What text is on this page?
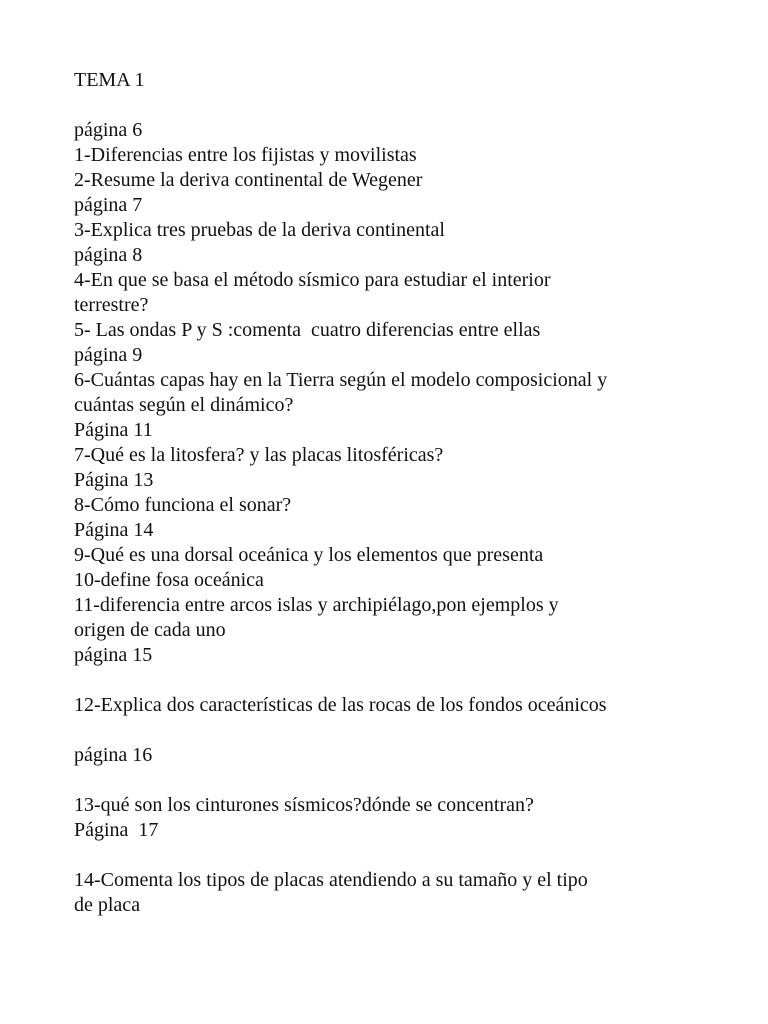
TEMA 1
página 6
1-Diferencias entre los fijistas y movilistas
2-Resume la deriva continental de Wegener
página 7
3-Explica tres pruebas de la deriva continental
página 8
4-En que se basa el método sísmico para estudiar el interior
terrestre?
5- Las ondas P y S :comenta  cuatro diferencias entre ellas
página 9
6-Cuántas capas hay en la Tierra según el modelo composicional y
cuántas según el dinámico?
Página 11
7-Qué es la litosfera? y las placas litosféricas?
Página 13
8-Cómo funciona el sonar?
Página 14
9-Qué es una dorsal oceánica y los elementos que presenta
10-define fosa oceánica
11-diferencia entre arcos islas y archipiélago,pon ejemplos y
origen de cada uno
página 15
12-Explica dos características de las rocas de los fondos oceánicos
página 16
13-qué son los cinturones sísmicos?dónde se concentran?
Página  17
14-Comenta los tipos de placas atendiendo a su tamaño y el tipo
de placa
